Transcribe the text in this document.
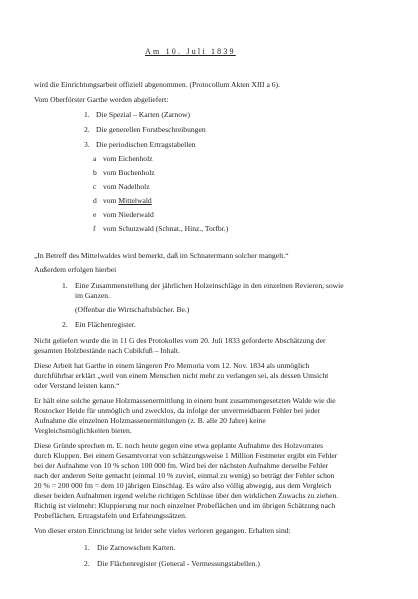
Am 10. Juli 1839

wird die Einrichtungsarbeit offiziell abgenommen. (Protocollum Akten XIII a 6).

Vom Oberförster Garthe werden abgeliefert:

1. Die Spezial – Karten (Zarnow)

2. Die generellen Forstbeschreibungen

3. Die periodischen Ertragstabellen

a vom Eichenholz

b vom Buchenholz

c vom Nadelholz

d vom Mittelwald

e vom Niederwald

f vom Schutzwald (Schnat., Hinz., Torfbr.)

„In Betreff des Mittelwaldes wird bemerkt, daß im Schnatermann solcher mangelt.“

Außerdem erfolgen hierbei

1. Eine Zusammenstellung der jährlichen Holzeinschläge in den einzelnen Revieren, sowie

im Ganzen.

(Offenbar die Wirtschaftsbücher. Be.)

2. Ein Flächenregister.

Nicht geliefert wurde die in 11 G des Protokolles vom 20. Juli 1833 geforderte Abschätzung der

gesamten Holzbestände nach Cubikfuß – Inhalt.

Diese Arbeit hat Garthe in einem längeren Pro Memoria vom 12. Nov. 1834 als unmöglich

durchführbar erklärt „weil von einem Menschen nicht mehr zu verlangen sei, als dessen Umsicht

oder Verstand leisten kann.“

Er hält eine solche genaue Holzmassenermittlung in einem bunt zusammengesetzten Walde wie die

Rostocker Heide für unmöglich und zwecklos, da infolge der unvermeidbaren Fehler bei jeder

Aufnahme die einzelnen Holzmassenermittlungen (z. B. alle 20 Jahre) keine

Vergleichsmöglichkeiten bieten.

Diese Gründe sprechen m. E. noch heute gegen eine etwa geplante Aufnahme des Holzvorrates

durch Kluppen. Bei einem Gesamtvorrat von schätzungsweise 1 Million Festmeter ergibt ein Fehler

bei der Aufnahme von 10 % schon 100 000 fm. Wird bei der nächsten Aufnahme derselbe Fehler

nach der anderen Seite gemacht (einmal 10 % zuviel, einmal zu wenig) so beträgt der Fehler schon

20 % = 200 000 fm = dem 10 jährigen Einschlag. Es wäre also völlig abwegig, aus dem Vergleich

dieser beiden Aufnahmen irgend welche richtigen Schlüsse über den wirklichen Zuwachs zu ziehen.

Richtig ist vielmehr: Kluppierung nur noch einzelner Probeflächen und im übrigen Schätzung nach

Probeflächen, Ertragstafeln und Erfahrungssätzen.

Von dieser ersten Einrichtung ist leider sehr vieles verloren gegangen. Erhalten sind:

1. Die Zarnowschen Karten.

2. Die Flächenregister (General - Vermessungstabellen.)
